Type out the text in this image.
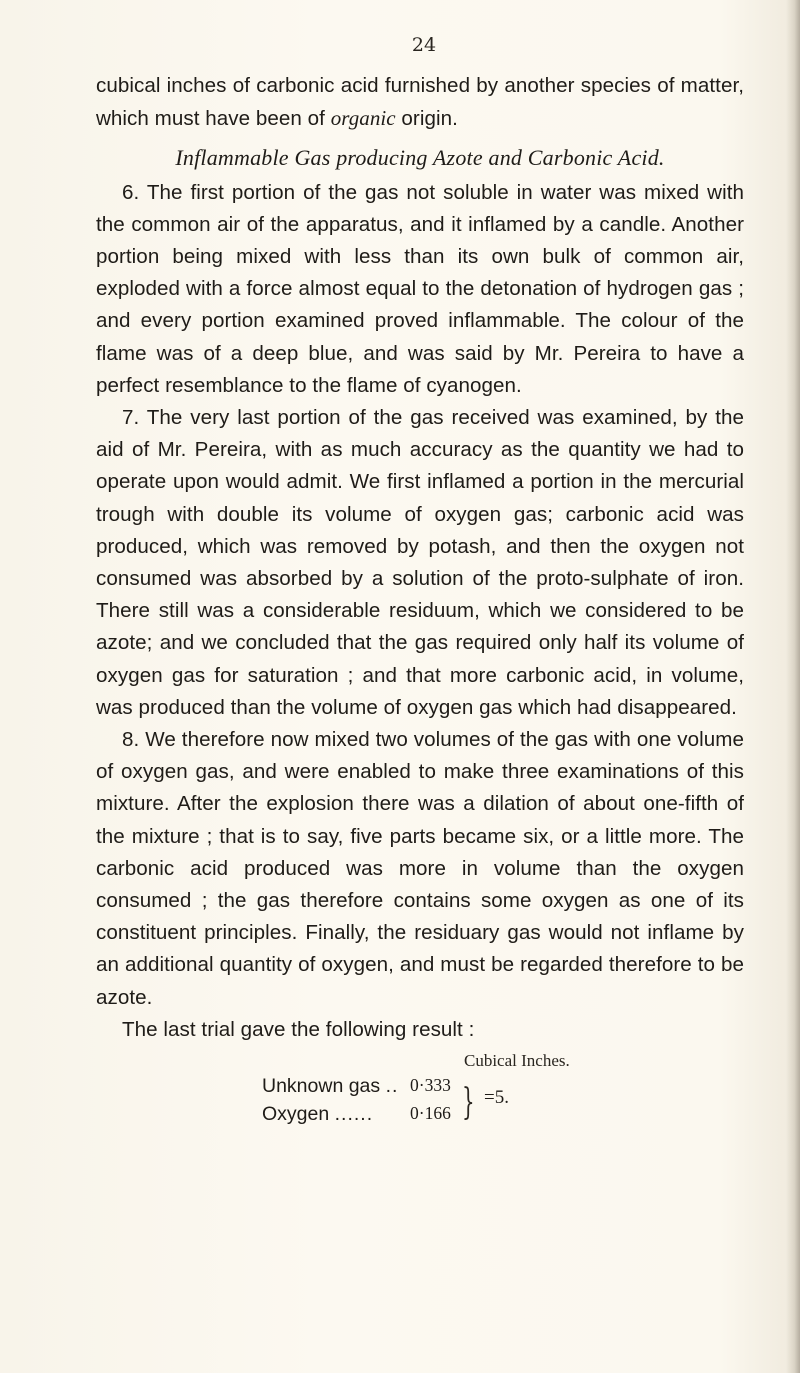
24

cubical inches of carbonic acid furnished by another species of matter, which must have been of organic origin.

Inflammable Gas producing Azote and Carbonic Acid.

6. The first portion of the gas not soluble in water was mixed with the common air of the apparatus, and it inflamed by a candle. Another portion being mixed with less than its own bulk of common air, exploded with a force almost equal to the detonation of hydrogen gas ; and every portion examined proved inflammable. The colour of the flame was of a deep blue, and was said by Mr. Pereira to have a perfect resemblance to the flame of cyanogen.

7. The very last portion of the gas received was examined, by the aid of Mr. Pereira, with as much accuracy as the quantity we had to operate upon would admit. We first inflamed a portion in the mercurial trough with double its volume of oxygen gas; carbonic acid was produced, which was removed by potash, and then the oxygen not consumed was absorbed by a solution of the proto-sulphate of iron. There still was a considerable residuum, which we considered to be azote; and we concluded that the gas required only half its volume of oxygen gas for saturation ; and that more carbonic acid, in volume, was produced than the volume of oxygen gas which had disappeared.

8. We therefore now mixed two volumes of the gas with one volume of oxygen gas, and were enabled to make three examinations of this mixture. After the explosion there was a dilation of about one-fifth of the mixture ; that is to say, five parts became six, or a little more. The carbonic acid produced was more in volume than the oxygen consumed ; the gas therefore contains some oxygen as one of its constituent principles. Finally, the residuary gas would not inflame by an additional quantity of oxygen, and must be regarded therefore to be azote.

The last trial gave the following result :

Cubical Inches.
Unknown gas .. 0·333
Oxygen ...... 0·166 } =5.
